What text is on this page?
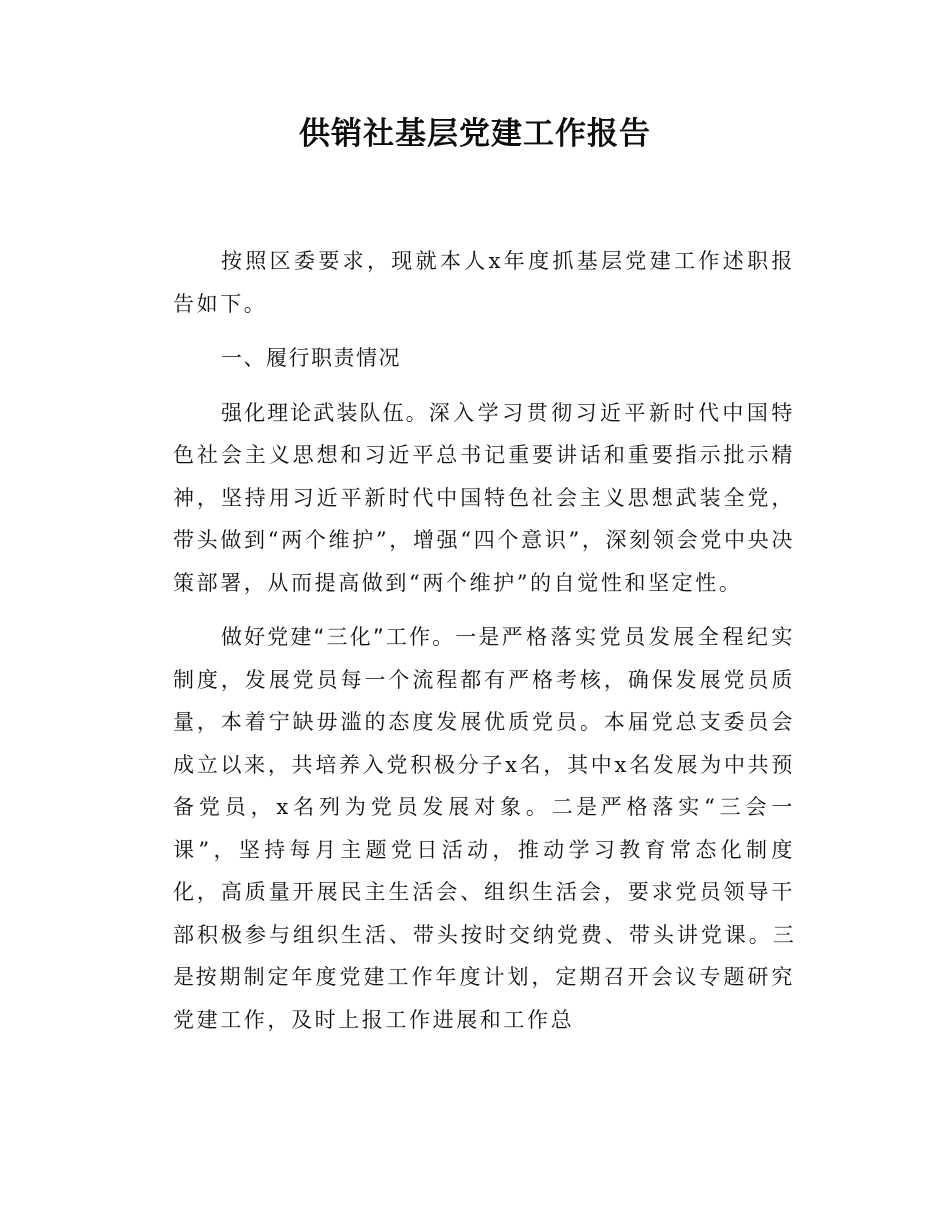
供销社基层党建工作报告

按照区委要求，现就本人x年度抓基层党建工作述职报告如下。

一、履行职责情况

强化理论武装队伍。深入学习贯彻习近平新时代中国特色社会主义思想和习近平总书记重要讲话和重要指示批示精神，坚持用习近平新时代中国特色社会主义思想武装全党，带头做到“两个维护”，增强“四个意识”，深刻领会党中央决策部署，从而提高做到“两个维护”的自觉性和坚定性。

做好党建“三化”工作。一是严格落实党员发展全程纪实制度，发展党员每一个流程都有严格考核，确保发展党员质量，本着宁缺毋滥的态度发展优质党员。本届党总支委员会成立以来，共培养入党积极分子x名，其中x名发展为中共预备党员，x名列为党员发展对象。二是严格落实“三会一课”，坚持每月主题党日活动，推动学习教育常态化制度化，高质量开展民主生活会、组织生活会，要求党员领导干部积极参与组织生活、带头按时交纳党费、带头讲党课。三是按期制定年度党建工作年度计划，定期召开会议专题研究党建工作，及时上报工作进展和工作总
